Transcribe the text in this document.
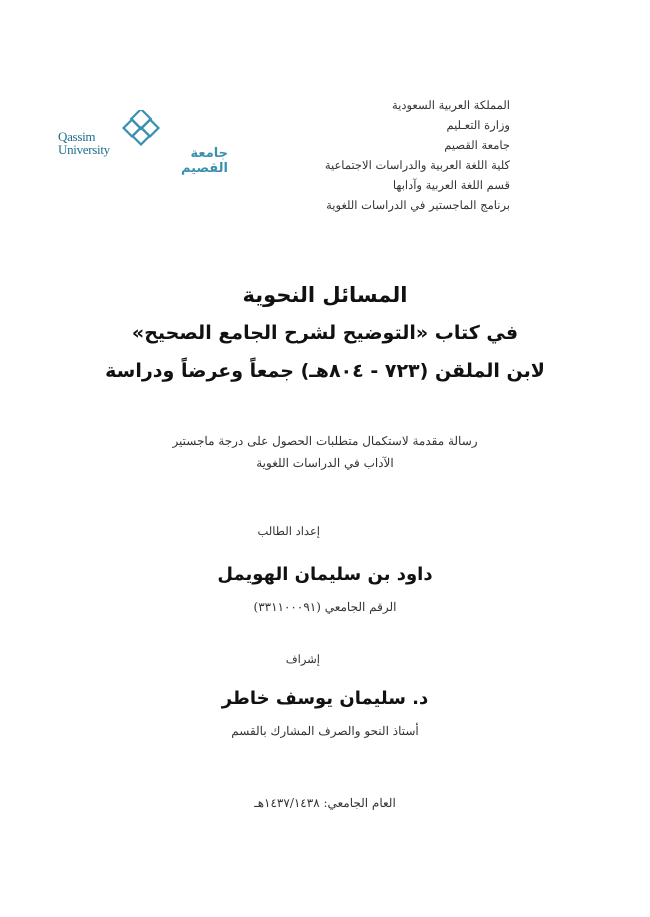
المملكة العربية السعودية
وزارة التعـليم
جامعة القصيم
كلية اللغة العربية والدراسات الاجتماعية
قسم اللغة العربية وآدابها
برنامج الماجستير في الدراسات اللغوية
Qassim
University	جامعة القصيم
المسائل النحوية
في كتاب «التوضيح لشرح الجامع الصحيح»
لابن الملقن (٧٢٣ - ٨٠٤هـ) جمعاً وعرضاً ودراسة
رسالة مقدمة لاستكمال متطلبات الحصول على درجة ماجستير
الآداب في الدراسات اللغوية
إعداد الطالب
داود بن سليمان الهويمل
الرقم الجامعي (٣٣١١٠٠٠٩١)
إشراف
د. سليمان يوسف خاطر
أستاذ النحو والصرف المشارك بالقسم
العام الجامعي: ١٤٣٧/١٤٣٨هـ
